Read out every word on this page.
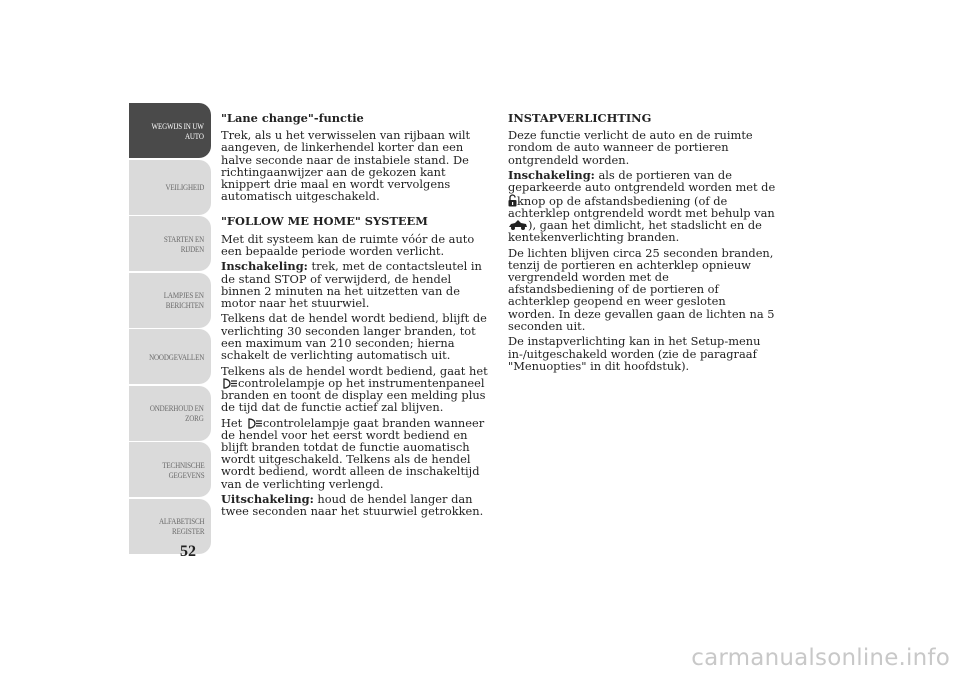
WEGWIJS IN UW
AUTO
VEILIGHEID
STARTEN EN
RIJDEN
LAMPJES EN
BERICHTEN
NOODGEVALLEN
ONDERHOUD EN
ZORG
TECHNISCHE
GEGEVENS
ALFABETISCH
REGISTER
52

"Lane change"-functie

Trek, als u het verwisselen van rijbaan wilt aangeven, de linkerhendel korter dan een halve seconde naar de instabiele stand. De richtingaanwijzer aan de gekozen kant knippert drie maal en wordt vervolgens automatisch uitgeschakeld.

"FOLLOW ME HOME" SYSTEEM

Met dit systeem kan de ruimte vóór de auto een bepaalde periode worden verlicht.

Inschakeling: trek, met de contactsleutel in de stand STOP of verwijderd, de hendel binnen 2 minuten na het uitzetten van de motor naar het stuurwiel.

Telkens dat de hendel wordt bediend, blijft de verlichting 30 seconden langer branden, tot een maximum van 210 seconden; hierna schakelt de verlichting automatisch uit.

Telkens als de hendel wordt bediend, gaat het controlelampje op het instrumentenpaneel branden en toont de display een melding plus de tijd dat de functie actief zal blijven.

Het controlelampje gaat branden wanneer de hendel voor het eerst wordt bediend en blijft branden totdat de functie auomatisch wordt uitgeschakeld. Telkens als de hendel wordt bediend, wordt alleen de inschakeltijd van de verlichting verlengd.

Uitschakeling: houd de hendel langer dan twee seconden naar het stuurwiel getrokken.

INSTAPVERLICHTING

Deze functie verlicht de auto en de ruimte rondom de auto wanneer de portieren ontgrendeld worden.

Inschakeling: als de portieren van de geparkeerde auto ontgrendeld worden met de knop op de afstandsbediening (of de achterklep ontgrendeld wordt met behulp van ), gaan het dimlicht, het stadslicht en de kentekenverlichting branden.

De lichten blijven circa 25 seconden branden, tenzij de portieren en achterklep opnieuw vergrendeld worden met de afstandsbediening of de portieren of achterklep geopend en weer gesloten worden. In deze gevallen gaan de lichten na 5 seconden uit.

De instapverlichting kan in het Setup-menu in-/uitgeschakeld worden (zie de paragraaf "Menuopties" in dit hoofdstuk).

carmanualsonline.info
